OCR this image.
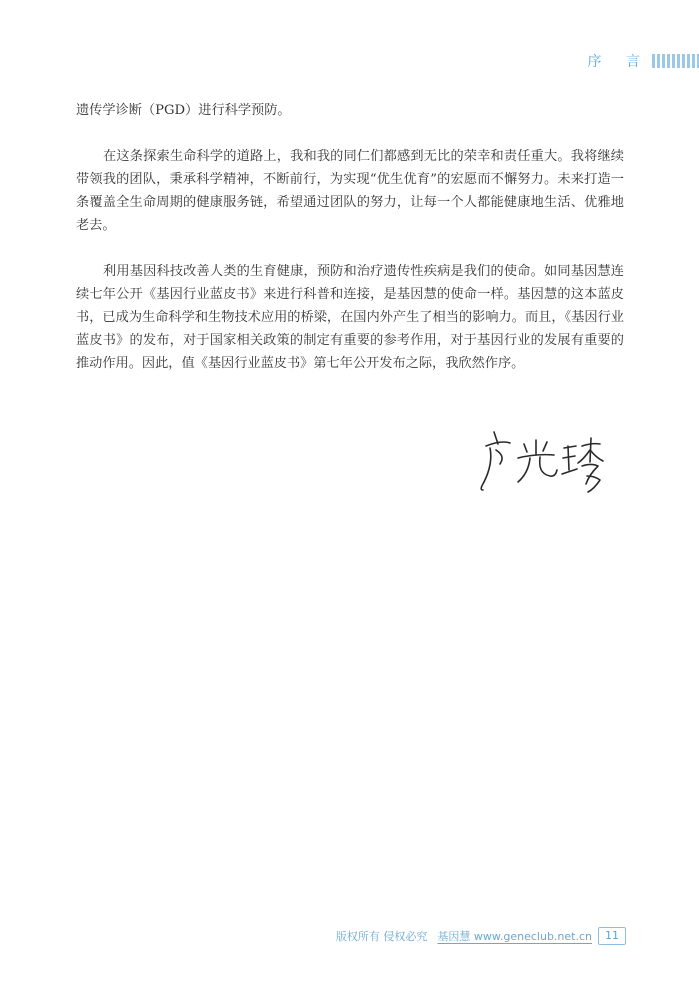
序 言

遗传学诊断（PGD）进行科学预防。

在这条探索生命科学的道路上，我和我的同仁们都感到无比的荣幸和责任重大。我将继续带领我的团队，秉承科学精神，不断前行，为实现“优生优育”的宏愿而不懈努力。未来打造一条覆盖全生命周期的健康服务链，希望通过团队的努力，让每一个人都能健康地生活、优雅地老去。

利用基因科技改善人类的生育健康，预防和治疗遗传性疾病是我们的使命。如同基因慧连续七年公开《基因行业蓝皮书》来进行科普和连接，是基因慧的使命一样。基因慧的这本蓝皮书，已成为生命科学和生物技术应用的桥梁，在国内外产生了相当的影响力。而且，《基因行业蓝皮书》的发布，对于国家相关政策的制定有重要的参考作用，对于基因行业的发展有重要的推动作用。因此，值《基因行业蓝皮书》第七年公开发布之际，我欣然作序。

版权所有 侵权必究 基因慧 www.geneclub.net.cn	11
